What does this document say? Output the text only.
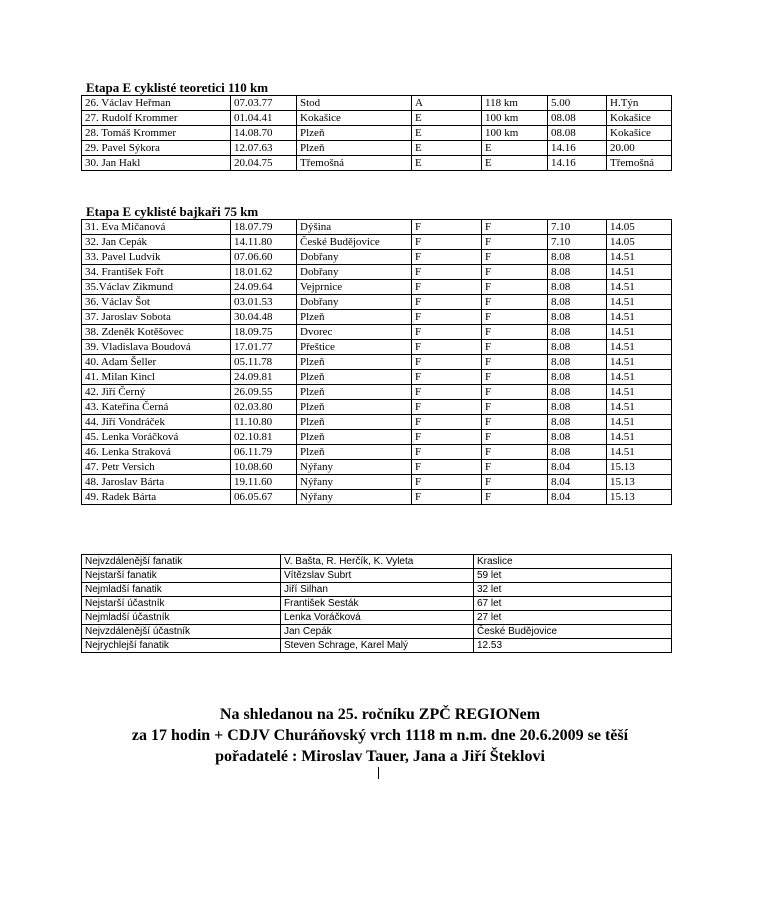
Etapa E cyklisté teoretici 110 km
26. Václav Heřman	07.03.77	Stod	A	118 km	5.00	H.Týn
27. Rudolf Krommer	01.04.41	Kokašice	E	100 km	08.08	Kokašice
28. Tomáš Krommer	14.08.70	Plzeň	E	100 km	08.08	Kokašice
29. Pavel Sýkora	12.07.63	Plzeň	E	E	14.16	20.00
30. Jan Hakl	20.04.75	Třemošná	E	E	14.16	Třemošná
Etapa E cyklisté bajkaři 75 km
31. Eva Mičanová	18.07.79	Dýšina	F	F	7.10	14.05
32. Jan Cepák	14.11.80	České Budějovice	F	F	7.10	14.05
33. Pavel Ludvík	07.06.60	Dobřany	F	F	8.08	14.51
34. František Fořt	18.01.62	Dobřany	F	F	8.08	14.51
35.Václav Zikmund	24.09.64	Vejprnice	F	F	8.08	14.51
36. Václav Šot	03.01.53	Dobřany	F	F	8.08	14.51
37. Jaroslav Sobota	30.04.48	Plzeň	F	F	8.08	14.51
38. Zdeněk Kotěšovec	18.09.75	Dvorec	F	F	8.08	14.51
39. Vladislava Boudová	17.01.77	Přeštice	F	F	8.08	14.51
40. Adam Šeller	05.11.78	Plzeň	F	F	8.08	14.51
41. Milan Kincl	24.09.81	Plzeň	F	F	8.08	14.51
42. Jiří Černý	26.09.55	Plzeň	F	F	8.08	14.51
43. Kateřina Černá	02.03.80	Plzeň	F	F	8.08	14.51
44. Jiří Vondráček	11.10.80	Plzeň	F	F	8.08	14.51
45. Lenka Voráčková	02.10.81	Plzeň	F	F	8.08	14.51
46. Lenka Straková	06.11.79	Plzeň	F	F	8.08	14.51
47. Petr Versich	10.08.60	Nýřany	F	F	8.04	15.13
48. Jaroslav Bárta	19.11.60	Nýřany	F	F	8.04	15.13
49. Radek Bárta	06.05.67	Nýřany	F	F	8.04	15.13
Nejvzdálenější fanatik	V. Bašta, R. Herčík, K. Vyleta	Kraslice
Nejstarší fanatik	Vítězslav Subrt	59 let
Nejmladší fanatik	Jiří Silhan	32 let
Nejstarší účastník	František Sesták	67 let
Nejmladší účastník	Lenka Voráčková	27 let
Nejvzdálenější účastník	Jan Cepák	České Budějovice
Nejrychlejší fanatik	Steven Schrage, Karel Malý	12.53
Na shledanou na 25. ročníku ZPČ REGIONem
za 17 hodin + CDJV Churáňovský vrch 1118 m n.m. dne 20.6.2009 se těší
pořadatelé : Miroslav Tauer, Jana a Jiří Šteklovi
